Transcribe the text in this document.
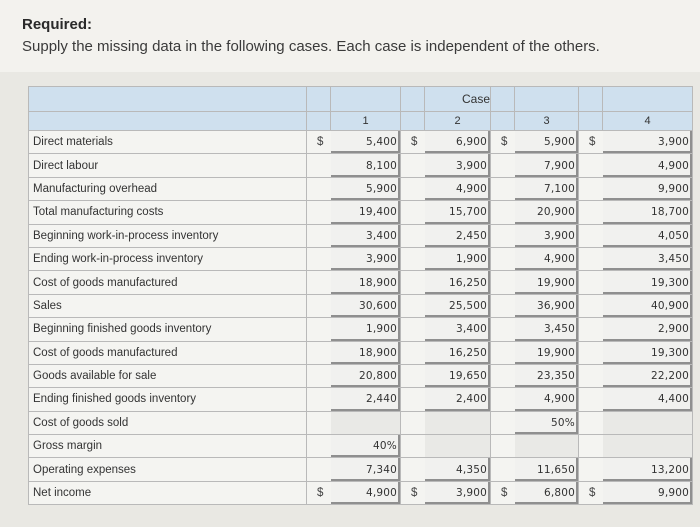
Required:
Supply the missing data in the following cases. Each case is independent of the others.
				Case				
		1		2		3		4
Direct materials	$	5,400	$	6,900	$	5,900	$	3,900
Direct labour		8,100		3,900		7,900		4,900
Manufacturing overhead		5,900		4,900		7,100		9,900
Total manufacturing costs		19,400		15,700		20,900		18,700
Beginning work-in-process inventory		3,400		2,450		3,900		4,050
Ending work-in-process inventory		3,900		1,900		4,900		3,450
Cost of goods manufactured		18,900		16,250		19,900		19,300
Sales		30,600		25,500		36,900		40,900
Beginning finished goods inventory		1,900		3,400		3,450		2,900
Cost of goods manufactured		18,900		16,250		19,900		19,300
Goods available for sale		20,800		19,650		23,350		22,200
Ending finished goods inventory		2,440		2,400		4,900		4,400
Cost of goods sold						50%		
Gross margin		40%						
Operating expenses		7,340		4,350		11,650		13,200
Net income	$	4,900	$	3,900	$	6,800	$	9,900
